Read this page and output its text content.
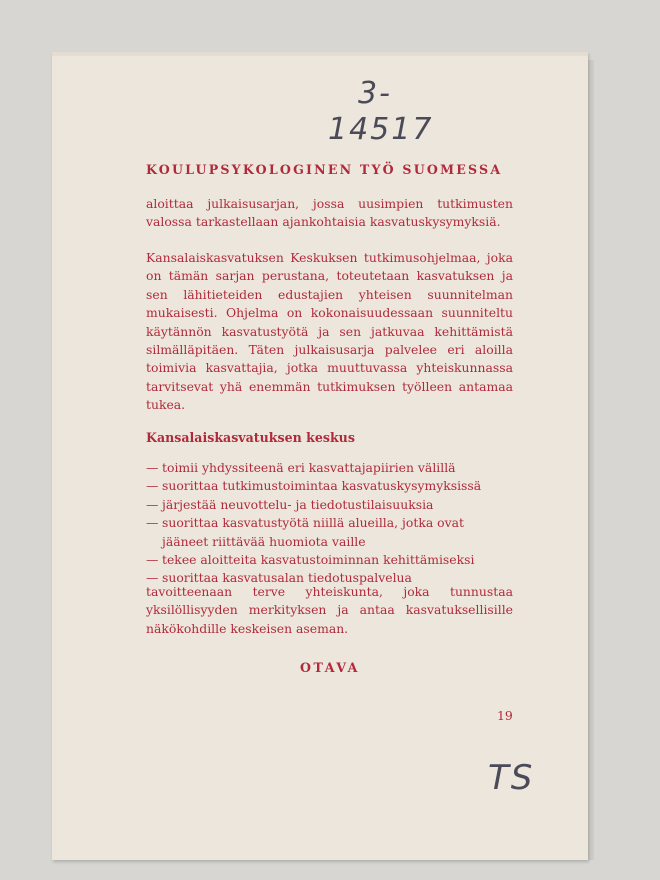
3-
14517
TS
KOULUPSYKOLOGINEN TYÖ SUOMESSA

aloittaa julkaisusarjan, jossa uusimpien tutkimusten valossa tarkastellaan ajankohtaisia kasvatuskysymyksiä.

Kansalaiskasvatuksen Keskuksen tutkimusohjelmaa, joka on tämän sarjan perustana, toteutetaan kasvatuksen ja sen lähitieteiden edustajien yhteisen suunnitelman mukaisesti. Ohjelma on kokonaisuudessaan suunniteltu käytännön kasvatustyötä ja sen jatkuvaa kehittämistä silmälläpitäen. Täten julkaisusarja palvelee eri aloilla toimivia kasvattajia, jotka muuttuvassa yhteiskunnassa tarvitsevat yhä enemmän tutkimuksen työlleen antamaa tukea.

Kansalaiskasvatuksen keskus
— toimii yhdyssiteenä eri kasvattajapiirien välillä
— suorittaa tutkimustoimintaa kasvatuskysymyksissä
— järjestää neuvottelu- ja tiedotustilaisuuksia
— suorittaa kasvatustyötä niillä alueilla, jotka ovat jääneet riittävää huomiota vaille
— tekee aloitteita kasvatustoiminnan kehittämiseksi
— suorittaa kasvatusalan tiedotuspalvelua

tavoitteenaan terve yhteiskunta, joka tunnustaa yksilöllisyyden merkityksen ja antaa kasvatuksellisille näkökohdille keskeisen aseman.

OTAVA
19
